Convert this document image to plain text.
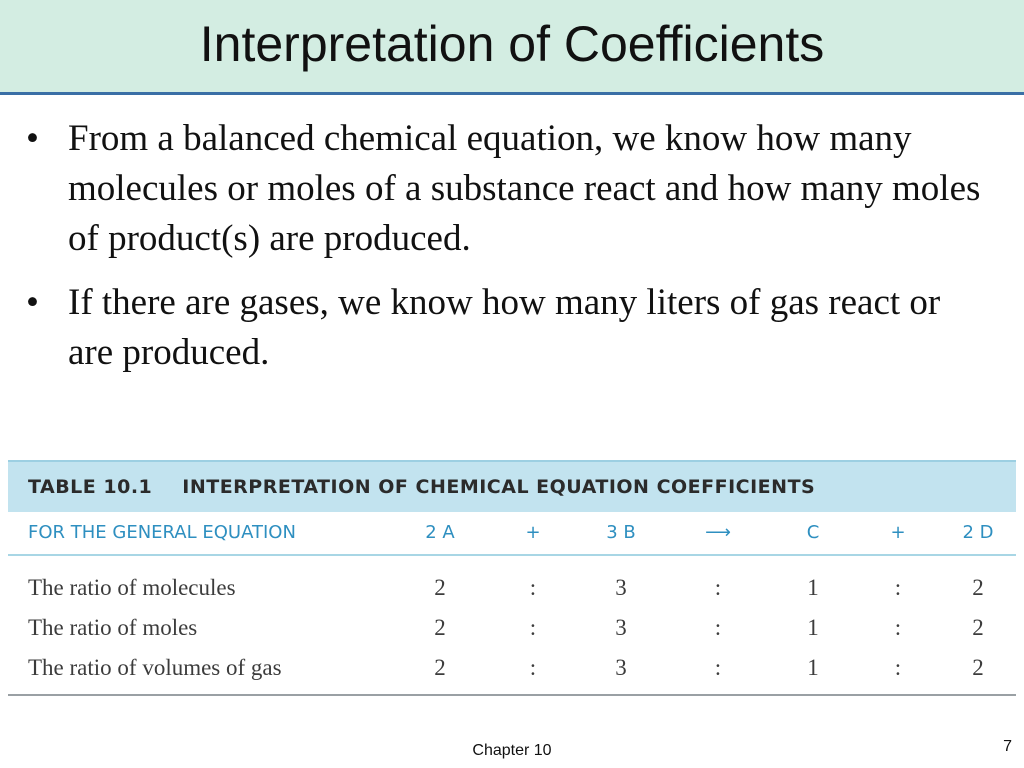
Interpretation of Coefficients
• From a balanced chemical equation, we know how many molecules or moles of a substance react and how many moles of product(s) are produced.
• If there are gases, we know how many liters of gas react or are produced.
TABLE 10.1 INTERPRETATION OF CHEMICAL EQUATION COEFFICIENTS
FOR THE GENERAL EQUATION	2 A	+	3 B	⟶	C	+	2 D
The ratio of molecules	2	:	3	:	1	:	2
The ratio of moles	2	:	3	:	1	:	2
The ratio of volumes of gas	2	:	3	:	1	:	2
Chapter 10	7
